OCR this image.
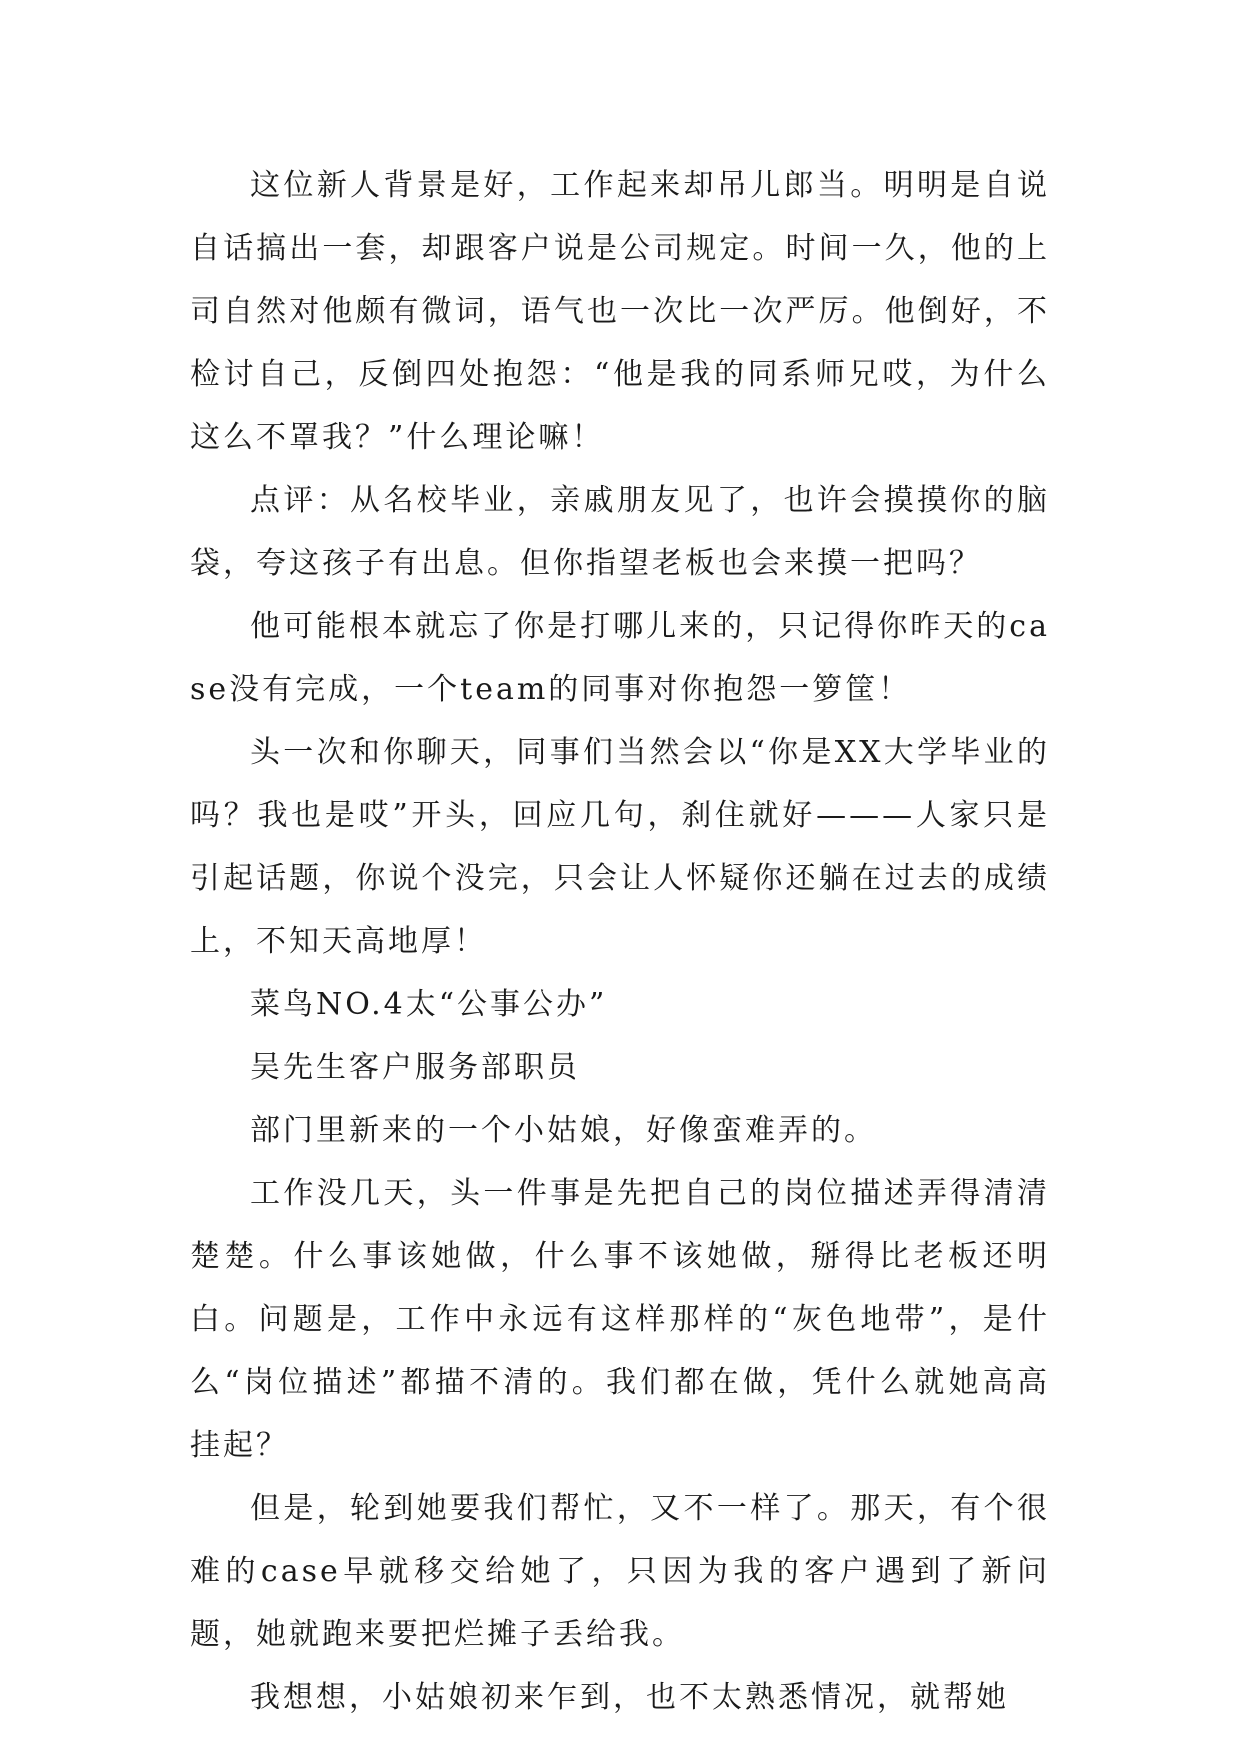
这位新人背景是好，工作起来却吊儿郎当。明明是自说自话搞出一套，却跟客户说是公司规定。时间一久，他的上司自然对他颇有微词，语气也一次比一次严厉。他倒好，不检讨自己，反倒四处抱怨：“他是我的同系师兄哎，为什么这么不罩我？”什么理论嘛！

点评：从名校毕业，亲戚朋友见了，也许会摸摸你的脑袋，夸这孩子有出息。但你指望老板也会来摸一把吗？

他可能根本就忘了你是打哪儿来的，只记得你昨天的case没有完成，一个team的同事对你抱怨一箩筐！

头一次和你聊天，同事们当然会以“你是XX大学毕业的吗？我也是哎”开头，回应几句，刹住就好———人家只是引起话题，你说个没完，只会让人怀疑你还躺在过去的成绩上，不知天高地厚！

菜鸟NO.4太“公事公办”

吴先生客户服务部职员

部门里新来的一个小姑娘，好像蛮难弄的。

工作没几天，头一件事是先把自己的岗位描述弄得清清楚楚。什么事该她做，什么事不该她做，掰得比老板还明白。问题是，工作中永远有这样那样的“灰色地带”，是什么“岗位描述”都描不清的。我们都在做，凭什么就她高高挂起？

但是，轮到她要我们帮忙，又不一样了。那天，有个很难的case早就移交给她了，只因为我的客户遇到了新问题，她就跑来要把烂摊子丢给我。

我想想，小姑娘初来乍到，也不太熟悉情况，就帮她
